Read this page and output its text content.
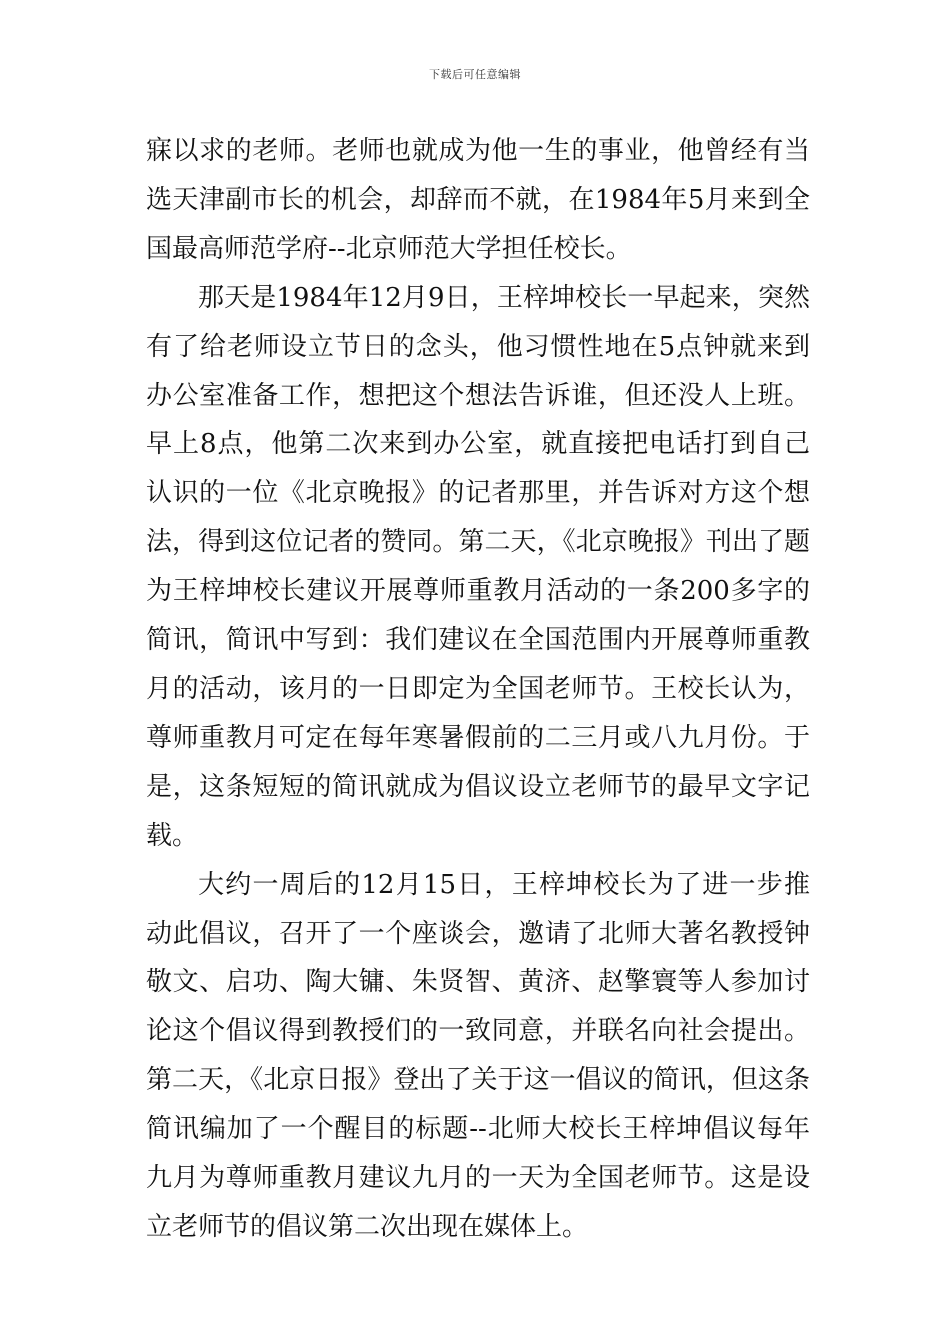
下载后可任意编辑

寐以求的老师。老师也就成为他一生的事业，他曾经有当选天津副市长的机会，却辞而不就，在1984年5月来到全国最高师范学府--北京师范大学担任校长。

那天是1984年12月9日，王梓坤校长一早起来，突然有了给老师设立节日的念头，他习惯性地在5点钟就来到办公室准备工作，想把这个想法告诉谁，但还没人上班。早上8点，他第二次来到办公室，就直接把电话打到自己认识的一位《北京晚报》的记者那里，并告诉对方这个想法，得到这位记者的赞同。第二天，《北京晚报》刊出了题为王梓坤校长建议开展尊师重教月活动的一条200多字的简讯，简讯中写到：我们建议在全国范围内开展尊师重教月的活动，该月的一日即定为全国老师节。王校长认为，尊师重教月可定在每年寒暑假前的二三月或八九月份。于是，这条短短的简讯就成为倡议设立老师节的最早文字记载。

大约一周后的12月15日，王梓坤校长为了进一步推动此倡议，召开了一个座谈会，邀请了北师大著名教授钟敬文、启功、陶大镛、朱贤智、黄济、赵擎寰等人参加讨论这个倡议得到教授们的一致同意，并联名向社会提出。第二天，《北京日报》登出了关于这一倡议的简讯，但这条简讯编加了一个醒目的标题--北师大校长王梓坤倡议每年九月为尊师重教月建议九月的一天为全国老师节。这是设立老师节的倡议第二次出现在媒体上。
